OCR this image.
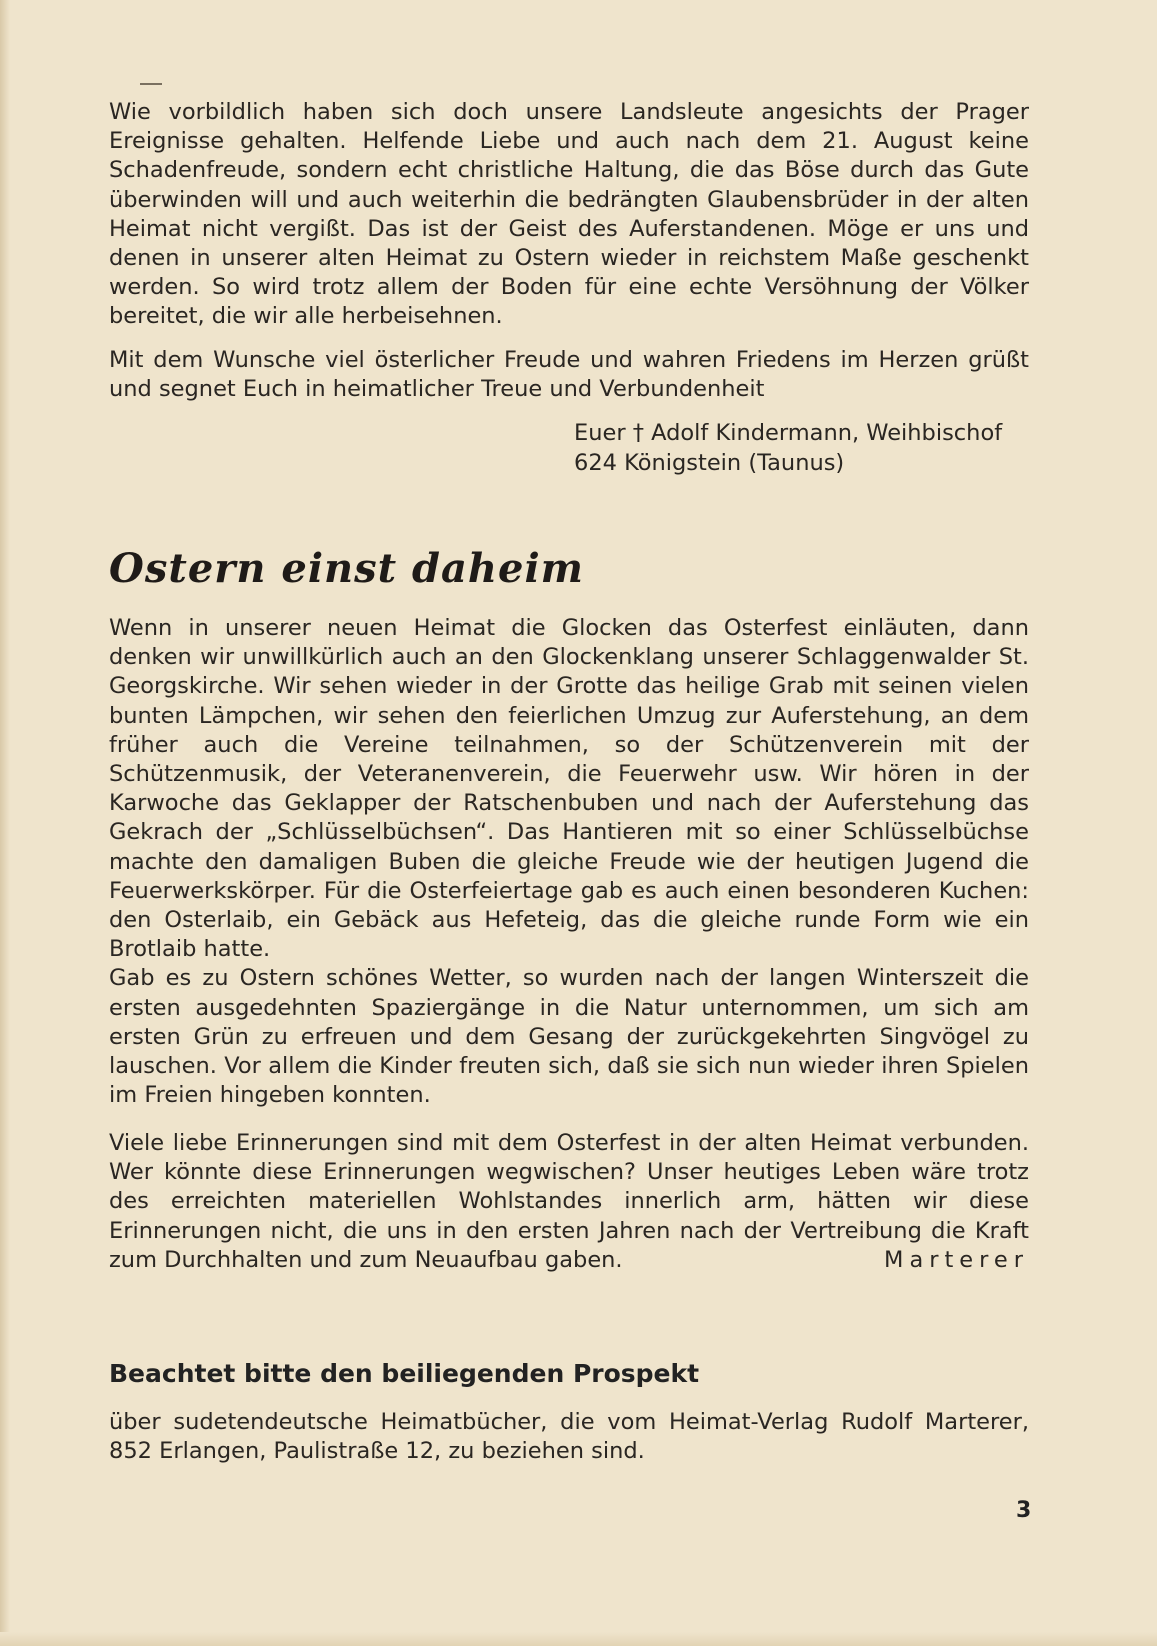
Wie vorbildlich haben sich doch unsere Landsleute angesichts der Prager Ereignisse gehalten. Helfende Liebe und auch nach dem 21. August keine Schadenfreude, sondern echt christliche Haltung, die das Böse durch das Gute überwinden will und auch weiterhin die bedrängten Glaubensbrüder in der alten Heimat nicht vergißt. Das ist der Geist des Auferstandenen. Möge er uns und denen in unserer alten Heimat zu Ostern wieder in reichstem Maße geschenkt werden. So wird trotz allem der Boden für eine echte Versöhnung der Völker bereitet, die wir alle herbeisehnen.

Mit dem Wunsche viel österlicher Freude und wahren Friedens im Herzen grüßt und segnet Euch in heimatlicher Treue und Verbundenheit

Euer † Adolf Kindermann, Weihbischof
624 Königstein (Taunus)
Ostern einst daheim
Wenn in unserer neuen Heimat die Glocken das Osterfest einläuten, dann denken wir unwillkürlich auch an den Glockenklang unserer Schlaggenwalder St. Georgskirche. Wir sehen wieder in der Grotte das heilige Grab mit seinen vielen bunten Lämpchen, wir sehen den feierlichen Umzug zur Auferstehung, an dem früher auch die Vereine teilnahmen, so der Schützenverein mit der Schützenmusik, der Veteranenverein, die Feuerwehr usw. Wir hören in der Karwoche das Geklapper der Ratschenbuben und nach der Auferstehung das Gekrach der „Schlüsselbüchsen“. Das Hantieren mit so einer Schlüsselbüchse machte den damaligen Buben die gleiche Freude wie der heutigen Jugend die Feuerwerkskörper. Für die Osterfeiertage gab es auch einen besonderen Kuchen: den Osterlaib, ein Gebäck aus Hefeteig, das die gleiche runde Form wie ein Brotlaib hatte.
Gab es zu Ostern schönes Wetter, so wurden nach der langen Winterszeit die ersten ausgedehnten Spaziergänge in die Natur unternommen, um sich am ersten Grün zu erfreuen und dem Gesang der zurückgekehrten Singvögel zu lauschen. Vor allem die Kinder freuten sich, daß sie sich nun wieder ihren Spielen im Freien hingeben konnten.
Viele liebe Erinnerungen sind mit dem Osterfest in der alten Heimat verbunden. Wer könnte diese Erinnerungen wegwischen? Unser heutiges Leben wäre trotz des erreichten materiellen Wohlstandes innerlich arm, hätten wir diese Erinnerungen nicht, die uns in den ersten Jahren nach der Vertreibung die Kraft zum Durchhalten und zum Neuaufbau gaben.	Marterer
Beachtet bitte den beiliegenden Prospekt

über sudetendeutsche Heimatbücher, die vom Heimat-Verlag Rudolf Marterer, 852 Erlangen, Paulistraße 12, zu beziehen sind.

3
